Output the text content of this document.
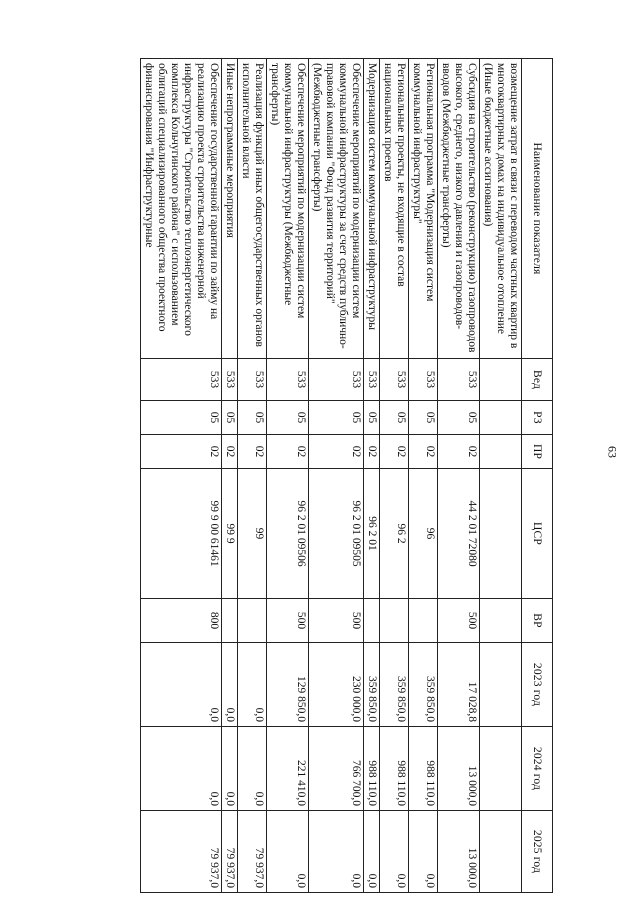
63
Наименование показателя	Вед	РЗ	ПР	ЦСР	ВР	2023 год	2024 год	2025 год
возмещение затрат в связи с переводом частных квартир в многоквартирных домах на индивидуальное отопление (Иные бюджетные ассигнования)								
Субсидия на строительство (реконструкцию) газопроводов высокого, среднего, низкого давления и газопроводов-вводов (Межбюджетные трансферты)	533	05	02	44 2 01 72080	500	17 028,8	13 000,0	13 000,0
Региональная программа "Модернизация систем коммунальной инфраструктуры"	533	05	02	96		359 850,0	988 110,0	0,0
Региональные проекты, не входящие в состав национальных проектов	533	05	02	96 2		359 850,0	988 110,0	0,0
Модернизация систем коммунальной инфраструктуры	533	05	02	96 2 01		359 850,0	988 110,0	0,0
Обеспечение мероприятий по модернизации систем коммунальной инфраструктуры за счет средств публично-правовой компании "Фонд развития территорий" (Межбюджетные трансферты)	533	05	02	96 2 01 09505	500	230 000,0	766 700,0	0,0
Обеспечение мероприятий по модернизации систем коммунальной инфраструктуры (Межбюджетные трансферты)	533	05	02	96 2 01 09506	500	129 850,0	221 410,0	0,0
Реализация функций иных общегосударственных органов исполнительной власти	533	05	02	99		0,0	0,0	79 937,0
Иные непрограммные мероприятия	533	05	02	99 9		0,0	0,0	79 937,0
Обеспечение государственной гарантии по займу на реализацию проекта строительства инженерной инфраструктуры "Строительство теплоэнергетического комплекса Кольчугинского района" с использованием облигаций специализированного общества проектного финансирования "Инфраструктурные	533	05	02	99 9 00 61461	800	0,0	0,0	79 937,0
